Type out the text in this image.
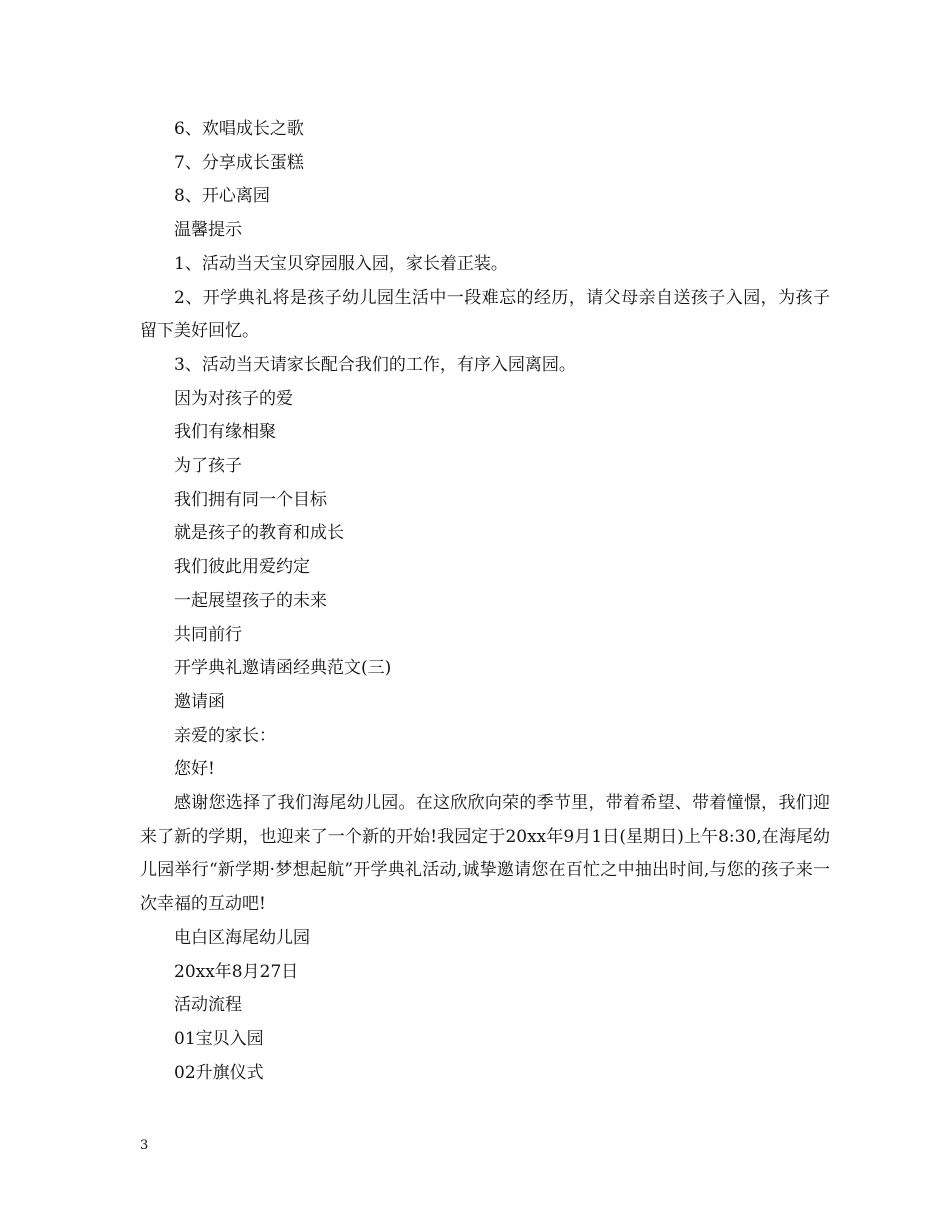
6、欢唱成长之歌

7、分享成长蛋糕

8、开心离园

温馨提示

1、活动当天宝贝穿园服入园，家长着正装。

2、开学典礼将是孩子幼儿园生活中一段难忘的经历，请父母亲自送孩子入园，为孩子留下美好回忆。

3、活动当天请家长配合我们的工作，有序入园离园。

因为对孩子的爱

我们有缘相聚

为了孩子

我们拥有同一个目标

就是孩子的教育和成长

我们彼此用爱约定

一起展望孩子的未来

共同前行

开学典礼邀请函经典范文(三)

邀请函

亲爱的家长：

您好!

感谢您选择了我们海尾幼儿园。在这欣欣向荣的季节里，带着希望、带着憧憬，我们迎来了新的学期，也迎来了一个新的开始!我园定于20xx年9月1日(星期日)上午8:30,在海尾幼儿园举行“新学期·梦想起航”开学典礼活动,诚挚邀请您在百忙之中抽出时间,与您的孩子来一次幸福的互动吧!

电白区海尾幼儿园

20xx年8月27日

活动流程

01宝贝入园

02升旗仪式

3
